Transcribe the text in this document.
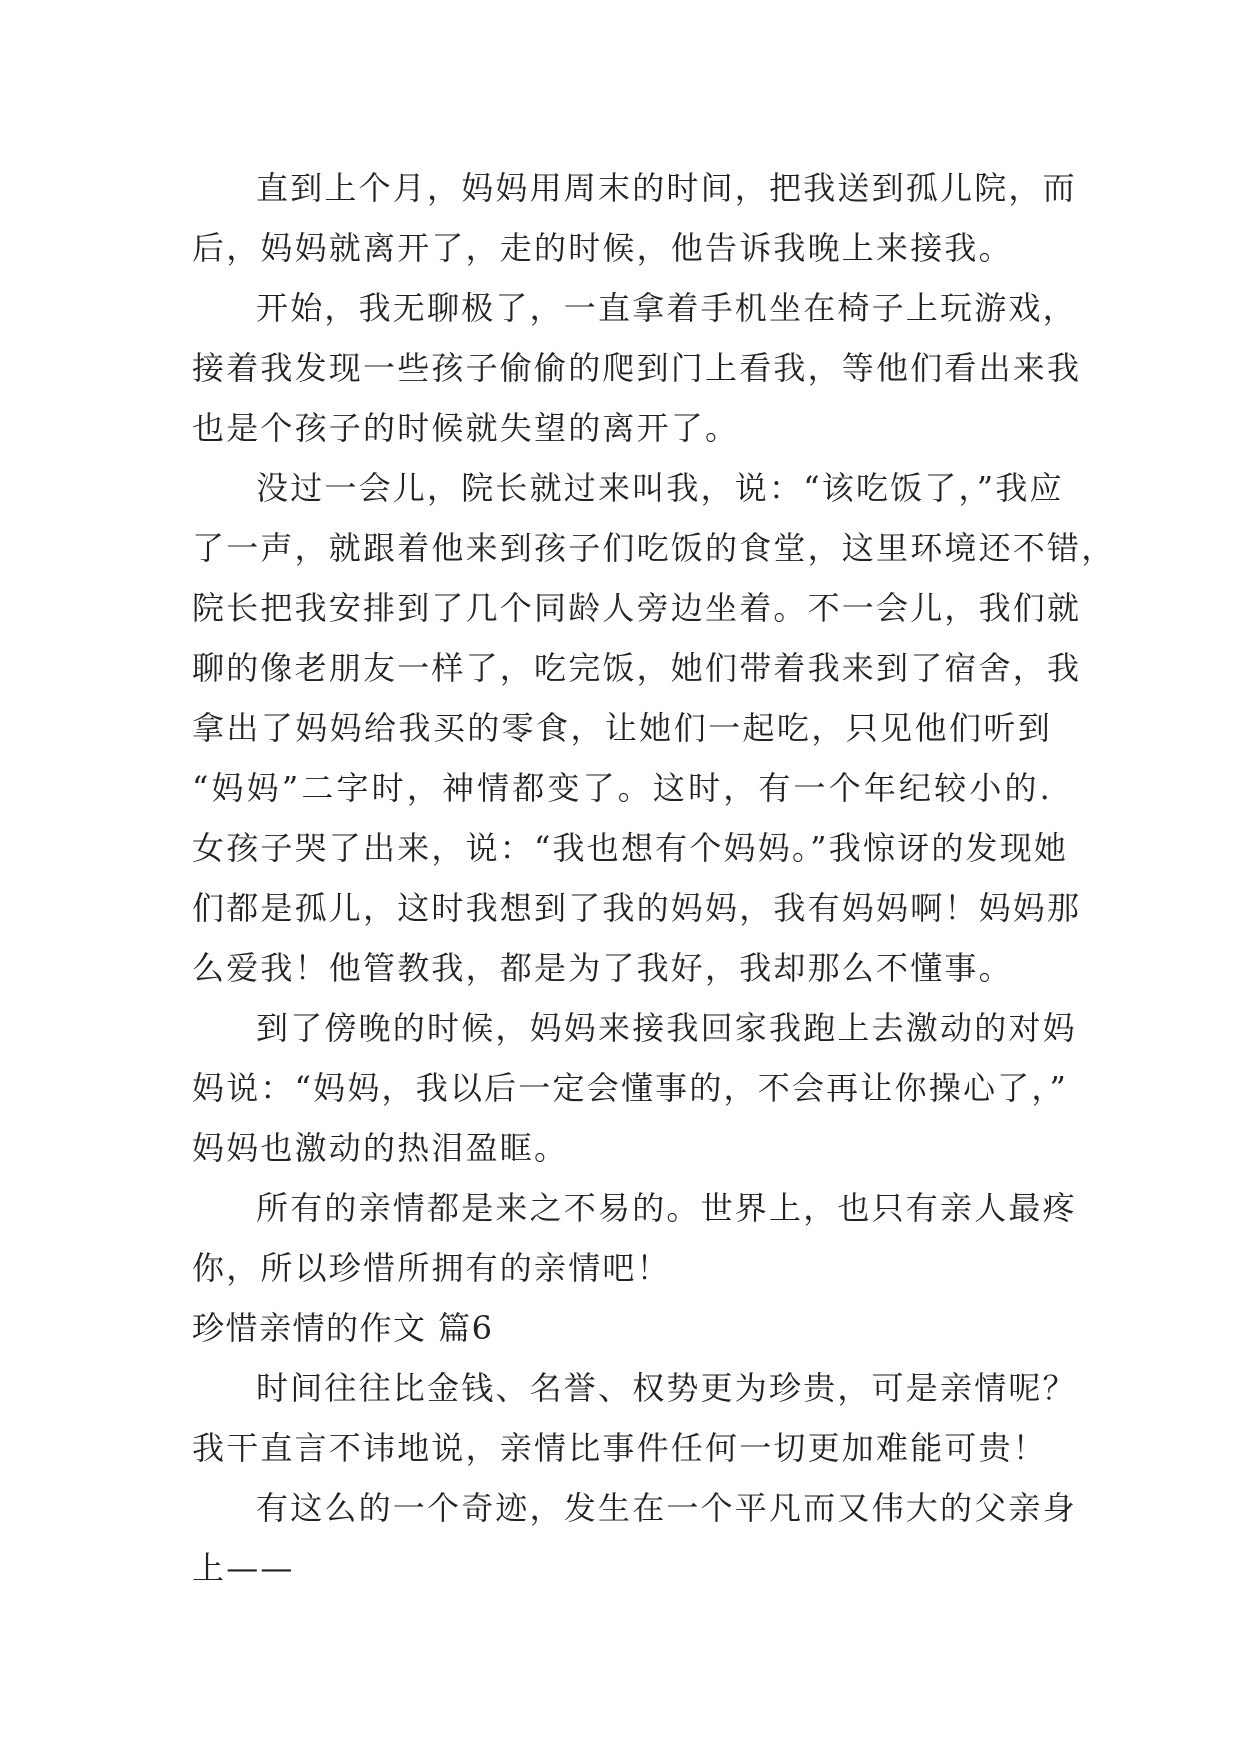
直到上个月，妈妈用周末的时间，把我送到孤儿院，而
后，妈妈就离开了，走的时候，他告诉我晚上来接我。
开始，我无聊极了，一直拿着手机坐在椅子上玩游戏，
接着我发现一些孩子偷偷的爬到门上看我，等他们看出来我
也是个孩子的时候就失望的离开了。
没过一会儿，院长就过来叫我，说：“该吃饭了，”我应
了一声，就跟着他来到孩子们吃饭的食堂，这里环境还不错，
院长把我安排到了几个同龄人旁边坐着。不一会儿，我们就
聊的像老朋友一样了，吃完饭，她们带着我来到了宿舍，我
拿出了妈妈给我买的零食，让她们一起吃，只见他们听到
“妈妈”二字时，神情都变了。这时，有一个年纪较小的.
女孩子哭了出来，说：“我也想有个妈妈。”我惊讶的发现她
们都是孤儿，这时我想到了我的妈妈，我有妈妈啊！妈妈那
么爱我！他管教我，都是为了我好，我却那么不懂事。
到了傍晚的时候，妈妈来接我回家我跑上去激动的对妈
妈说：“妈妈，我以后一定会懂事的，不会再让你操心了，”
妈妈也激动的热泪盈眶。
所有的亲情都是来之不易的。世界上，也只有亲人最疼
你，所以珍惜所拥有的亲情吧！
珍惜亲情的作文 篇6
时间往往比金钱、名誉、权势更为珍贵，可是亲情呢？
我干直言不讳地说，亲情比事件任何一切更加难能可贵！
有这么的一个奇迹，发生在一个平凡而又伟大的父亲身
上——
